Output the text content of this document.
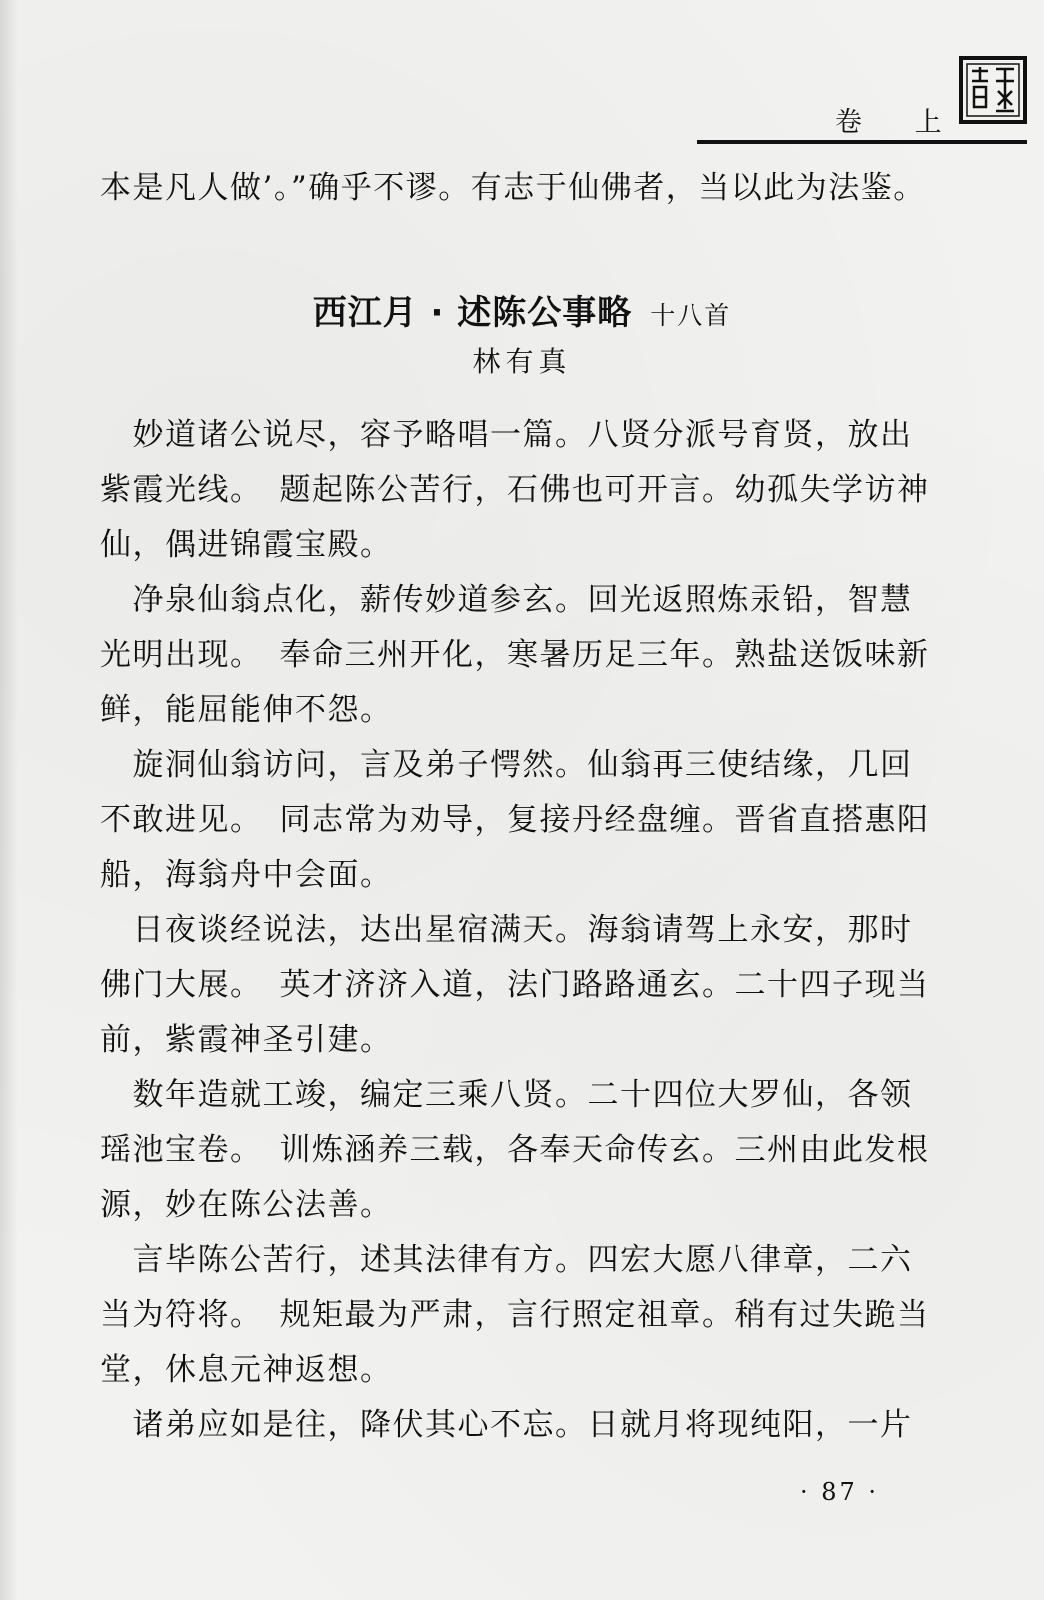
卷 上
本是凡人做’。”确乎不谬。有志于仙佛者，当以此为法鉴。
西江月 · 述陈公事略 十八首
林有真
　妙道诸公说尽，容予略唱一篇。八贤分派号育贤，放出
紫霞光线。　题起陈公苦行，石佛也可开言。幼孤失学访神
仙，偶进锦霞宝殿。
　净泉仙翁点化，薪传妙道参玄。回光返照炼汞铅，智慧
光明出现。　奉命三州开化，寒暑历足三年。熟盐送饭味新
鲜，能屈能伸不怨。
　旋洞仙翁访问，言及弟子愕然。仙翁再三使结缘，几回
不敢进见。　同志常为劝导，复接丹经盘缠。晋省直搭惠阳
船，海翁舟中会面。
　日夜谈经说法，达出星宿满天。海翁请驾上永安，那时
佛门大展。　英才济济入道，法门路路通玄。二十四子现当
前，紫霞神圣引建。
　数年造就工竣，编定三乘八贤。二十四位大罗仙，各领
瑶池宝卷。　训炼涵养三载，各奉天命传玄。三州由此发根
源，妙在陈公法善。
　言毕陈公苦行，述其法律有方。四宏大愿八律章，二六
当为符将。　规矩最为严肃，言行照定祖章。稍有过失跪当
堂，休息元神返想。
　诸弟应如是往，降伏其心不忘。日就月将现纯阳，一片
· 87 ·
